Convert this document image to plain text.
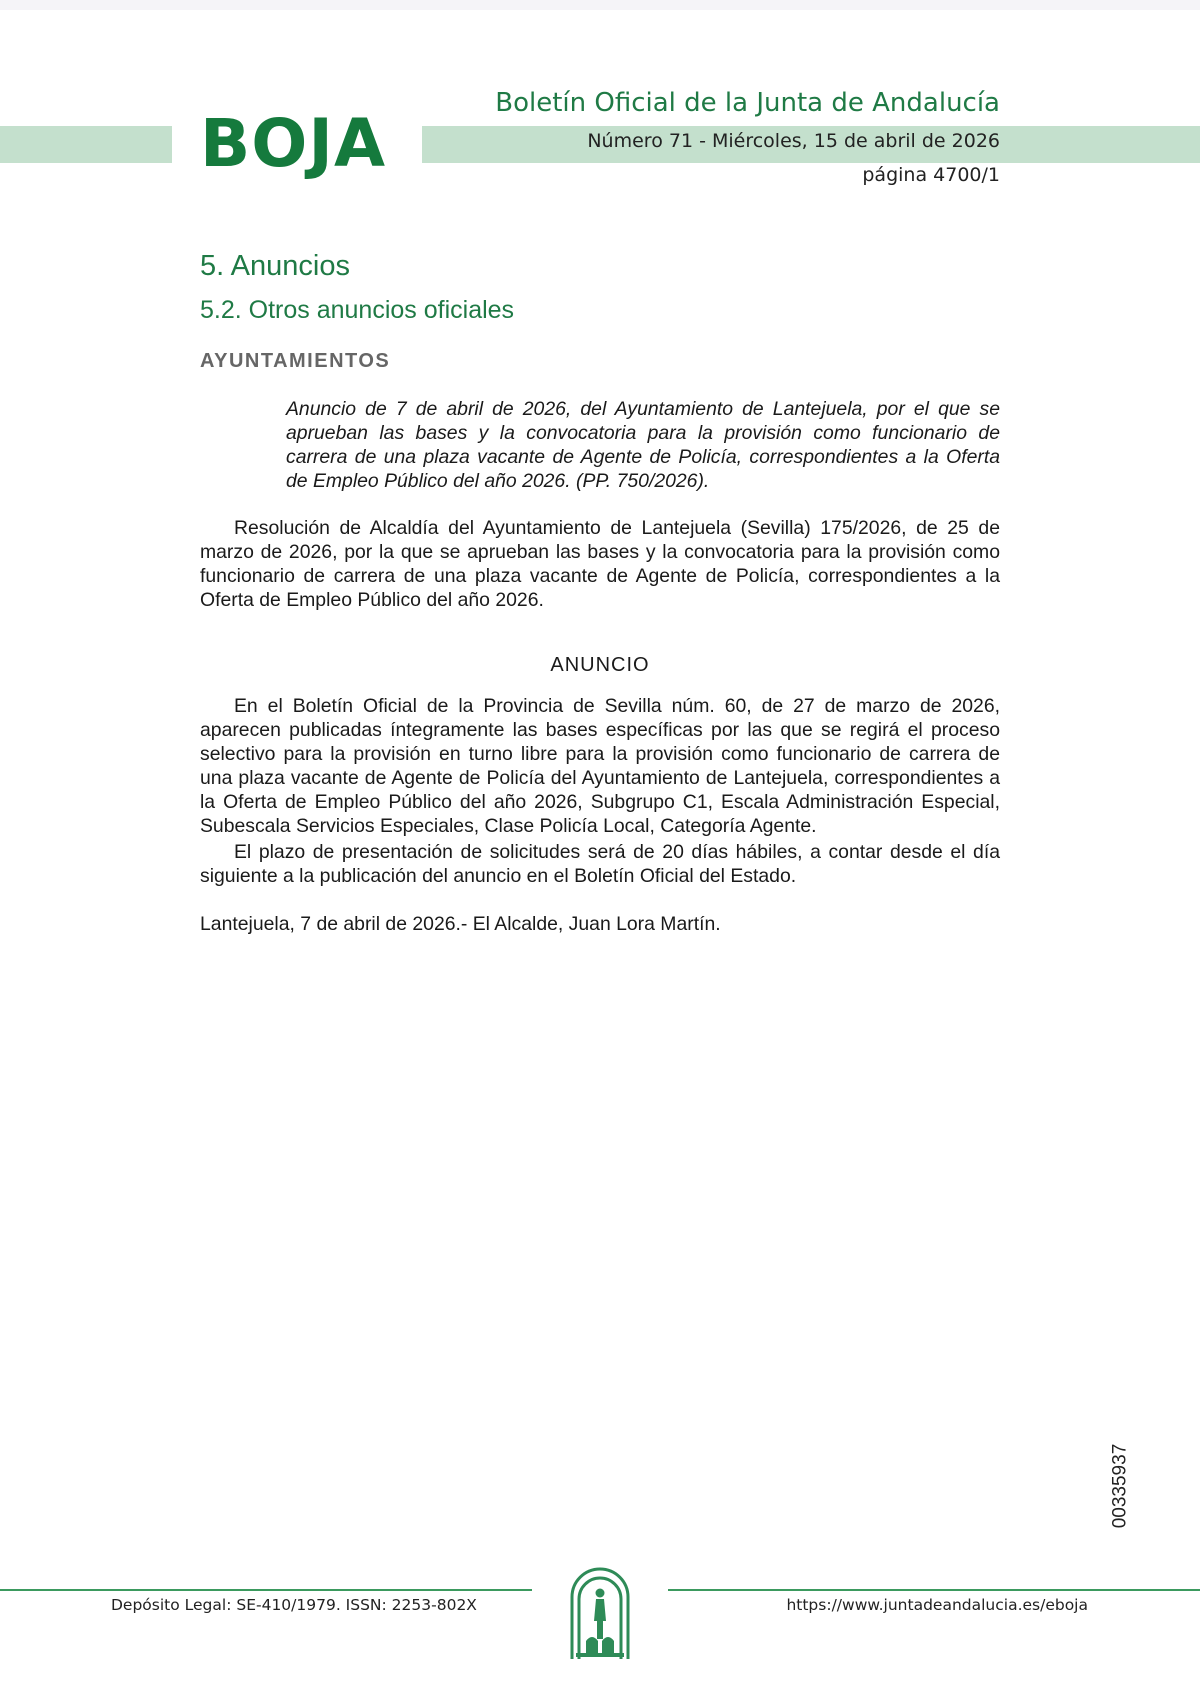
BOJA
Boletín Oficial de la Junta de Andalucía
Número 71 - Miércoles, 15 de abril de 2026
página 4700/1
5. Anuncios
5.2. Otros anuncios oficiales
AYUNTAMIENTOS

Anuncio de 7 de abril de 2026, del Ayuntamiento de Lantejuela, por el que se aprueban las bases y la convocatoria para la provisión como funcionario de carrera de una plaza vacante de Agente de Policía, correspondientes a la Oferta de Empleo Público del año 2026. (PP. 750/2026).

Resolución de Alcaldía del Ayuntamiento de Lantejuela (Sevilla) 175/2026, de 25 de marzo de 2026, por la que se aprueban las bases y la convocatoria para la provisión como funcionario de carrera de una plaza vacante de Agente de Policía, correspondientes a la Oferta de Empleo Público del año 2026.

ANUNCIO

En el Boletín Oficial de la Provincia de Sevilla núm. 60, de 27 de marzo de 2026, aparecen publicadas íntegramente las bases específicas por las que se regirá el proceso selectivo para la provisión en turno libre para la provisión como funcionario de carrera de una plaza vacante de Agente de Policía del Ayuntamiento de Lantejuela, correspondientes a la Oferta de Empleo Público del año 2026, Subgrupo C1, Escala Administración Especial, Subescala Servicios Especiales, Clase Policía Local, Categoría Agente.

El plazo de presentación de solicitudes será de 20 días hábiles, a contar desde el día siguiente a la publicación del anuncio en el Boletín Oficial del Estado.

Lantejuela, 7 de abril de 2026.- El Alcalde, Juan Lora Martín.

00335937
Depósito Legal: SE-410/1979. ISSN: 2253-802X	https://www.juntadeandalucia.es/eboja
